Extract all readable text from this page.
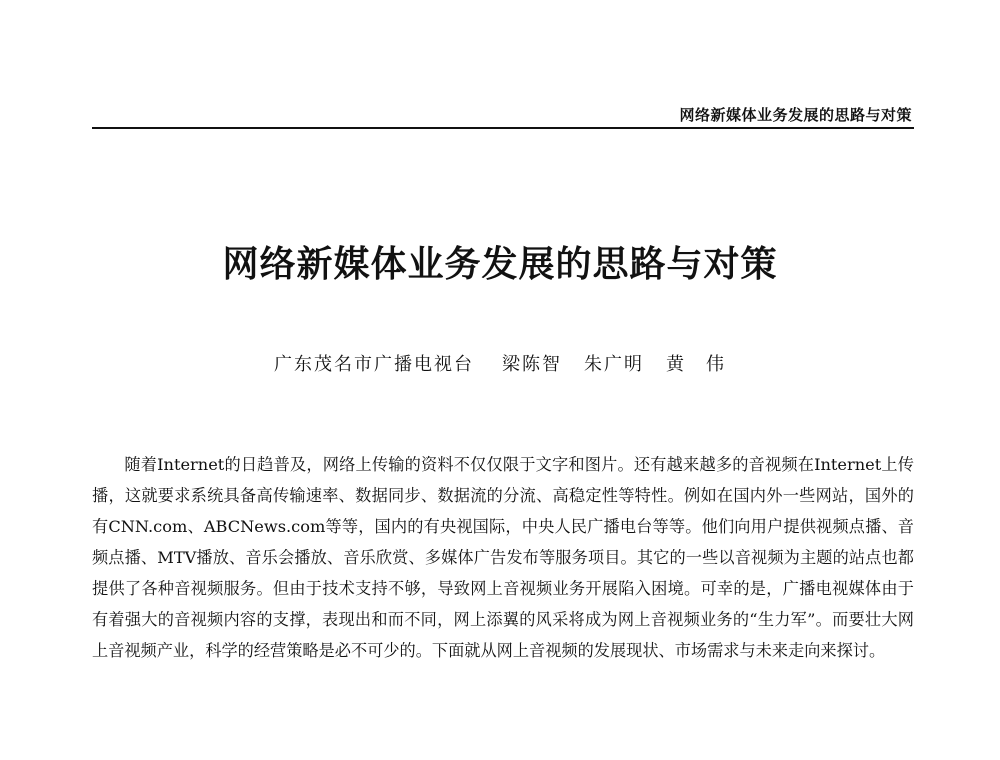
网络新媒体业务发展的思路与对策
网络新媒体业务发展的思路与对策
广东茂名市广播电视台 梁陈智 朱广明 黄　伟

随着Internet的日趋普及，网络上传输的资料不仅仅限于文字和图片。还有越来越多的音视频在Internet上传播，这就要求系统具备高传输速率、数据同步、数据流的分流、高稳定性等特性。例如在国内外一些网站，国外的有CNN.com、ABCNews.com等等，国内的有央视国际，中央人民广播电台等等。他们向用户提供视频点播、音频点播、MTV播放、音乐会播放、音乐欣赏、多媒体广告发布等服务项目。其它的一些以音视频为主题的站点也都提供了各种音视频服务。但由于技术支持不够，导致网上音视频业务开展陷入困境。可幸的是，广播电视媒体由于有着强大的音视频内容的支撑，表现出和而不同，网上添翼的风采将成为网上音视频业务的“生力军”。而要壮大网上音视频产业，科学的经营策略是必不可少的。下面就从网上音视频的发展现状、市场需求与未来走向来探讨。
